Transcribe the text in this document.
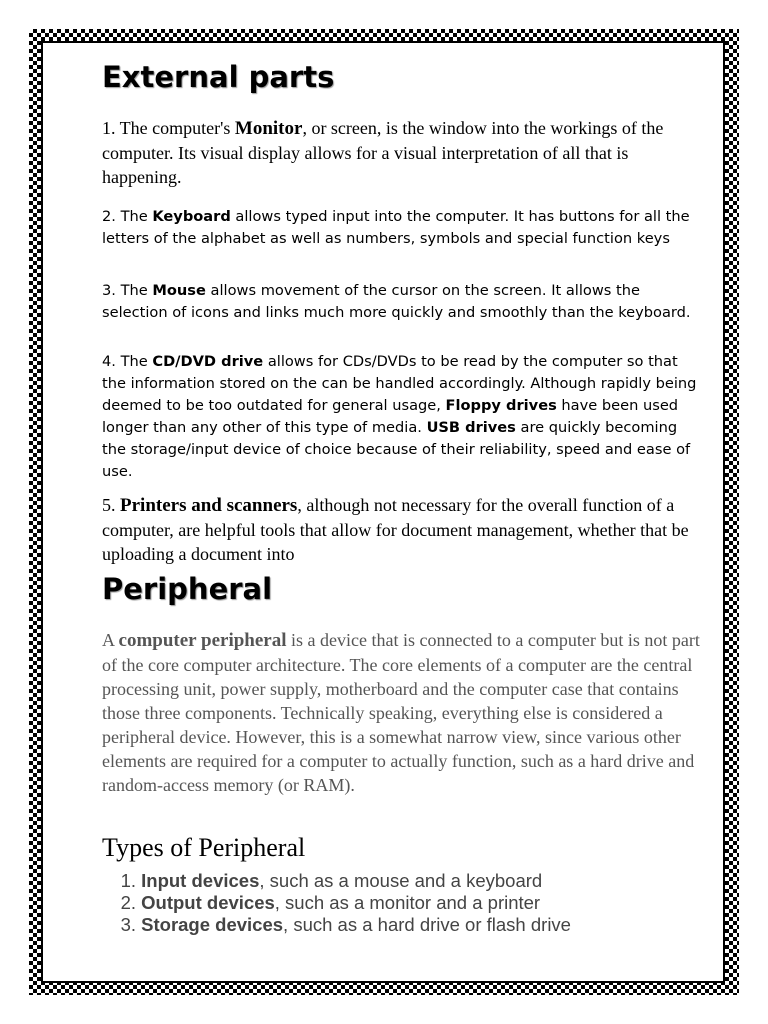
External parts

1. The computer's Monitor, or screen, is the window into the workings of the computer. Its visual display allows for a visual interpretation of all that is happening.

2. The Keyboard allows typed input into the computer. It has buttons for all the letters of the alphabet as well as numbers, symbols and special function keys

3. The Mouse allows movement of the cursor on the screen. It allows the selection of icons and links much more quickly and smoothly than the keyboard.

4. The CD/DVD drive allows for CDs/DVDs to be read by the computer so that the information stored on the can be handled accordingly. Although rapidly being deemed to be too outdated for general usage, Floppy drives have been used longer than any other of this type of media. USB drives are quickly becoming the storage/input device of choice because of their reliability, speed and ease of use.

5. Printers and scanners, although not necessary for the overall function of a computer, are helpful tools that allow for document management, whether that be uploading a document into

Peripheral

A computer peripheral is a device that is connected to a computer but is not part of the core computer architecture. The core elements of a computer are the central processing unit, power supply, motherboard and the computer case that contains those three components. Technically speaking, everything else is considered a peripheral device. However, this is a somewhat narrow view, since various other elements are required for a computer to actually function, such as a hard drive and random-access memory (or RAM).

Types of Peripheral
1. Input devices, such as a mouse and a keyboard
2. Output devices, such as a monitor and a printer
3. Storage devices, such as a hard drive or flash drive
